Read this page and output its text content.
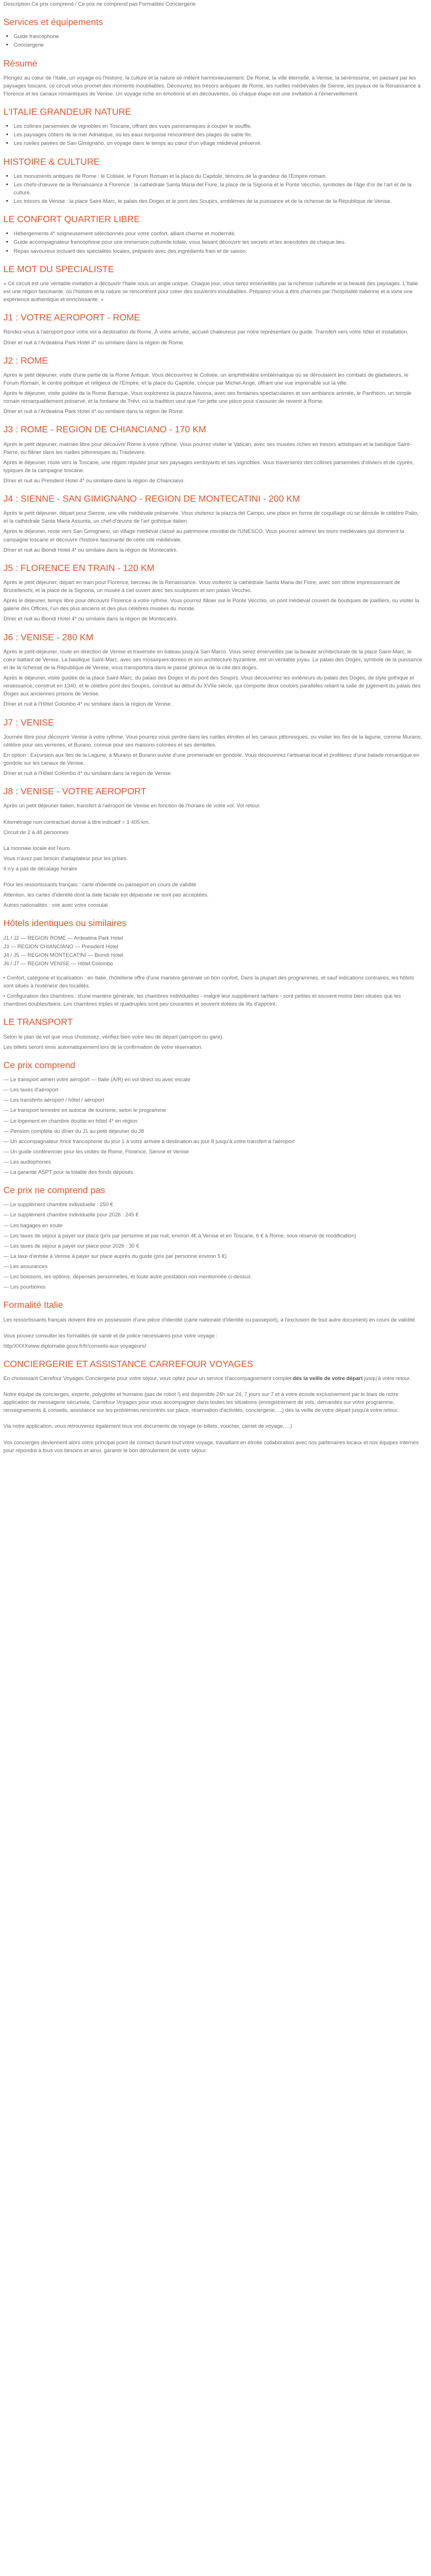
Description Ce prix comprend / Ce prix ne comprend pas Formalités Conciergerie

Services et équipements
• Guide francophone
• Conciergerie
Résumé

Plongez au cœur de l'Italie, un voyage où l'histoire, la culture et la nature se mêlent harmonieusement. De Rome, la ville éternelle, à Venise, la sérénissime, en passant par les paysages toscans, ce circuit vous promet des moments inoubliables. Découvrez les trésors antiques de Rome, les ruelles médiévales de Sienne, les joyaux de la Renaissance à Florence et les canaux romantiques de Venise. Un voyage riche en émotions et en découvertes, où chaque étape est une invitation à l'émerveillement.

L'ITALIE GRANDEUR NATURE
• Les collines parsemées de vignobles en Toscane, offrant des vues panoramiques à couper le souffle.
• Les paysages côtiers de la mer Adriatique, où les eaux turquoise rencontrent des plages de sable fin.
• Les ruelles pavées de San Gimignano, un voyage dans le temps au cœur d'un village médiéval préservé.
HISTOIRE & CULTURE
• Les monuments antiques de Rome : le Colisée, le Forum Romain et la place du Capitole, témoins de la grandeur de l'Empire romain.
• Les chefs-d'œuvre de la Renaissance à Florence : la cathédrale Santa Maria del Fiore, la place de la Signoria et le Ponte Vecchio, symboles de l'âge d'or de l'art et de la culture.
• Les trésors de Venise : la place Saint-Marc, le palais des Doges et le pont des Soupirs, emblèmes de la puissance et de la richesse de la République de Venise.
LE CONFORT QUARTIER LIBRE
• Hébergements 4* soigneusement sélectionnés pour votre confort, alliant charme et modernité.
• Guide accompagnateur francophone pour une immersion culturelle totale, vous faisant découvrir les secrets et les anecdotes de chaque lieu.
• Repas savoureux incluant des spécialités locales, préparés avec des ingrédients frais et de saison.
LE MOT DU SPECIALISTE

« Ce circuit est une véritable invitation à découvrir l'Italie sous un angle unique. Chaque jour, vous serez émerveillés par la richesse culturelle et la beauté des paysages. L'Italie est une région fascinante, où l'histoire et la nature se rencontrent pour créer des souvenirs inoubliables. Préparez-vous à être charmés par l'hospitalité italienne et à vivre une expérience authentique et enrichissante. »

J1 : VOTRE AEROPORT - ROME

Rendez-vous à l'aéroport pour votre vol à destination de Rome. À votre arrivée, accueil chaleureux par notre représentant ou guide. Transfert vers votre hôtel et installation.

Dîner et nuit à l'Ardeatina Park Hotel 4* ou similaire dans la région de Rome.

J2 : ROME

Après le petit déjeuner, visite d'une partie de la Rome Antique. Vous découvrirez le Colisée, un amphithéâtre emblématique où se déroulaient les combats de gladiateurs, le Forum Romain, le centre politique et religieux de l'Empire, et la place du Capitole, conçue par Michel-Ange, offrant une vue imprenable sur la ville.

Après le déjeuner, visite guidée de la Rome Baroque. Vous explorerez la piazza Navona, avec ses fontaines spectaculaires et son ambiance animée, le Panthéon, un temple romain remarquablement préservé, et la fontaine de Trévi, où la tradition veut que l'on jette une pièce pour s'assurer de revenir à Rome.

Dîner et nuit à l'Ardeatina Park Hotel 4* ou similaire dans la région de Rome.

J3 : ROME - REGION DE CHIANCIANO - 170 KM

Après le petit déjeuner, matinée libre pour découvrir Rome à votre rythme. Vous pourrez visiter le Vatican, avec ses musées riches en trésors artistiques et la basilique Saint-Pierre, ou flâner dans les ruelles pittoresques du Trastevere.

Après le déjeuner, route vers la Toscane, une région réputée pour ses paysages verdoyants et ses vignobles. Vous traverserez des collines parsemées d'oliviers et de cyprès, typiques de la campagne toscane.

Dîner et nuit au President Hotel 4* ou similaire dans la région de Chianciano.

J4 : SIENNE - SAN GIMIGNANO - REGION DE MONTECATINI - 200 KM

Après le petit déjeuner, départ pour Sienne, une ville médiévale préservée. Vous visiterez la piazza del Campo, une place en forme de coquillage où se déroule le célèbre Palio, et la cathédrale Santa Maria Assunta, un chef-d'œuvre de l'art gothique italien.

Après le déjeuner, route vers San Gimignano, un village médiéval classé au patrimoine mondial de l'UNESCO. Vous pourrez admirer les tours médiévales qui dominent la campagne toscane et découvrir l'histoire fascinante de cette cité médiévale.

Dîner et nuit au Biondi Hotel 4* ou similaire dans la région de Montecatini.

J5 : FLORENCE EN TRAIN - 120 KM

Après le petit déjeuner, départ en train pour Florence, berceau de la Renaissance. Vous visiterez la cathédrale Santa Maria del Fiore, avec son dôme impressionnant de Brunelleschi, et la place de la Signoria, un musée à ciel ouvert avec ses sculptures et son palais Vecchio.

Après le déjeuner, temps libre pour découvrir Florence à votre rythme. Vous pourrez flâner sur le Ponte Vecchio, un pont médiéval couvert de boutiques de joailliers, ou visiter la galerie des Offices, l'un des plus anciens et des plus célèbres musées du monde.

Dîner et nuit au Biondi Hotel 4* ou similaire dans la région de Montecatini.

J6 : VENISE - 280 KM

Après le petit-déjeuner, route en direction de Venise et traversée en bateau jusqu'à San Marco. Vous serez émerveillés par la beauté architecturale de la place Saint-Marc, le cœur battant de Venise. La basilique Saint-Marc, avec ses mosaïques dorées et son architecture byzantine, est un véritable joyau. Le palais des Doges, symbole de la puissance et de la richesse de la République de Venise, vous transportera dans le passé glorieux de la cité des doges.

Après le déjeuner, visite guidée de la place Saint-Marc, du palais des Doges et du pont des Soupirs. Vous découvrirez les extérieurs du palais des Doges, de style gothique et renaissance, construit en 1340, et le célèbre pont des Soupirs, construit au début du XVIIe siècle, qui comporte deux couloirs parallèles reliant la salle de jugement du palais des Doges aux anciennes prisons de Venise.

Dîner et nuit à l'Hôtel Colombo 4* ou similaire dans la région de Venise.

J7 : VENISE

Journée libre pour découvrir Venise à votre rythme. Vous pourrez vous perdre dans les ruelles étroites et les canaux pittoresques, ou visiter les îles de la lagune, comme Murano, célèbre pour ses verreries, et Burano, connue pour ses maisons colorées et ses dentelles.

En option : Excursion aux îles de la Lagune, à Murano et Burano suivie d'une promenade en gondole. Vous découvrirez l'artisanat local et profiterez d'une balade romantique en gondole sur les canaux de Venise.

Dîner et nuit à l'Hôtel Colombo 4* ou similaire dans la région de Venise.

J8 : VENISE - VOTRE AEROPORT

Après un petit déjeuner italien, transfert à l'aéroport de Venise en fonction de l'horaire de votre vol. Vol retour.

Kilométrage non contractuel donné à titre indicatif = 1 405 km.

Circuit de 2 à 48 personnes

La monnaie locale est l'euro.

Vous n'avez pas besoin d'adaptateur pour les prises

Il n'y a pas de décalage horaire

Pour les ressortissants français : carte d'identité ou passeport en cours de validité

Attention, les cartes d'identité dont la date faciale est dépassée ne sont pas acceptées.

Autres nationalités : voir avec votre consulat

Hôtels identiques ou similaires

J1 / J2 — REGION ROME — Ardeatina Park Hotel

J3 — REGION CHIANCIANO — President Hotel

J4 / J5 — REGION MONTECATINI — Biondi Hotel

J6 / J7 — REGION VENISE — Hôtel Colombo

• Confort, catégorie et localisation : en Italie, l'hôtellerie offre d'une manière générale un bon confort. Dans la plupart des programmes, et sauf indications contraires, les hôtels sont situés à l'extérieur des localités.

• Configuration des chambres : d'une manière générale, les chambres individuelles - malgré leur supplément tarifaire - sont petites et souvent moins bien situées que les chambres doubles/twins. Les chambres triples et quadruples sont peu courantes et souvent dotées de lits d'appoint.

LE TRANSPORT

Selon le plan de vol que vous choisissez, vérifiez bien votre lieu de départ (aéroport ou gare).

Les billets seront émis automatiquement lors de la confirmation de votre réservation.

Ce prix comprend

— Le transport aérien votre aéroport — Italie (A/R) en vol direct ou avec escale

— Les taxes d'aéroport

— Les transferts aéroport / hôtel / aéroport

— Le transport terrestre en autocar de tourisme, selon le programme

— Le logement en chambre double en hôtel 4* en région

— Pension complète du dîner du J1 au petit déjeuner du J8

— Un accompagnateur /trice francophone du jour 1 à votre arrivée à destination au jour 8 jusqu'à votre transfert à l'aéroport

— Un guide conférencier pour les visites de Rome, Florence, Sienne et Venise

— Les audiophones

— La garantie ASPT pour la totalité des fonds déposés

Ce prix ne comprend pas

— Le supplément chambre individuelle : 250 €

— Le supplément chambre individuelle pour 2026 : 245 €

— Les bagages en soute

— Les taxes de séjour à payer sur place (prix par personne et par nuit, environ 4€ à Venise et en Toscane, 6 € à Rome, sous réserve de modification)

— Les taxes de séjour à payer sur place pour 2026 : 30 €

— La taxe d'entrée à Venise à payer sur place auprès du guide (prix par personne environ 5 €)

— Les assurances

— Les boissons, les options, dépenses personnelles, et toute autre prestation non mentionnée ci-dessus

— Les pourboires

Formalité Italie

Les ressortissants français doivent être en possession d'une pièce d'identité (carte nationale d'identité ou passeport), à l'exclusion de tout autre document) en cours de validité.

Vous pouvez consulter les formalités de santé et de police nécessaires pour votre voyage :

http/XXXXwww.diplomatie.gouv.fr/fr/conseils-aux-voyageurs/

CONCIERGERIE ET ASSISTANCE CARREFOUR VOYAGES

En choisissant Carrefour Voyages Conciergerie pour votre séjour, vous optez pour un service d'accompagnement complet dès la veille de votre départ jusqu'à votre retour.

Notre équipe de concierges, experte, polyglotte et humaine (pas de robot !) est disponible 24h sur 24, 7 jours sur 7 et à votre écoute exclusivement par le biais de notre application de messagerie sécurisée, Carrefour Voyages pour vous accompagner dans toutes les situations (enregistrement de vols, demandes sur votre programme, renseignements & conseils, assistance sur les problèmes rencontrés sur place, réservation d'activités, conciergerie, ...) dès la veille de votre départ jusqu'à votre retour.

Via notre application, vous retrouverez également tous vos documents de voyage (e-billets, voucher, carnet de voyage, ...)

Vos concierges deviennent alors votre principal point de contact durant tout votre voyage, travaillant en étroite collaboration avec nos partenaires locaux et nos équipes internes pour répondre à tous vos besoins et ainsi, garantir le bon déroulement de votre séjour.
